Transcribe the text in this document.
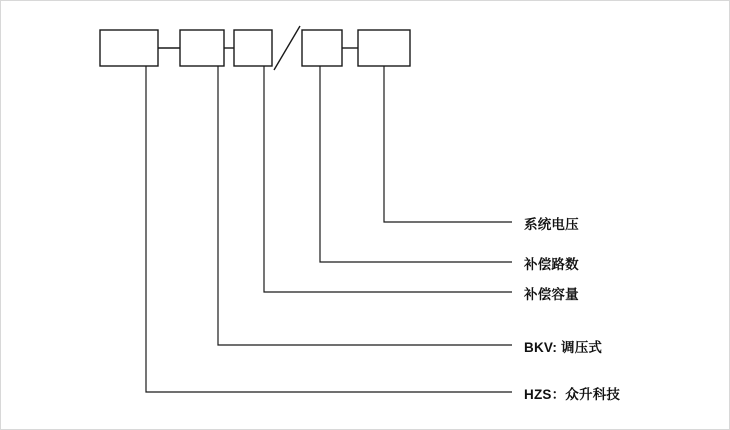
系统电压
补偿路数
补偿容量
BKV: 调压式
HZS：众升科技
